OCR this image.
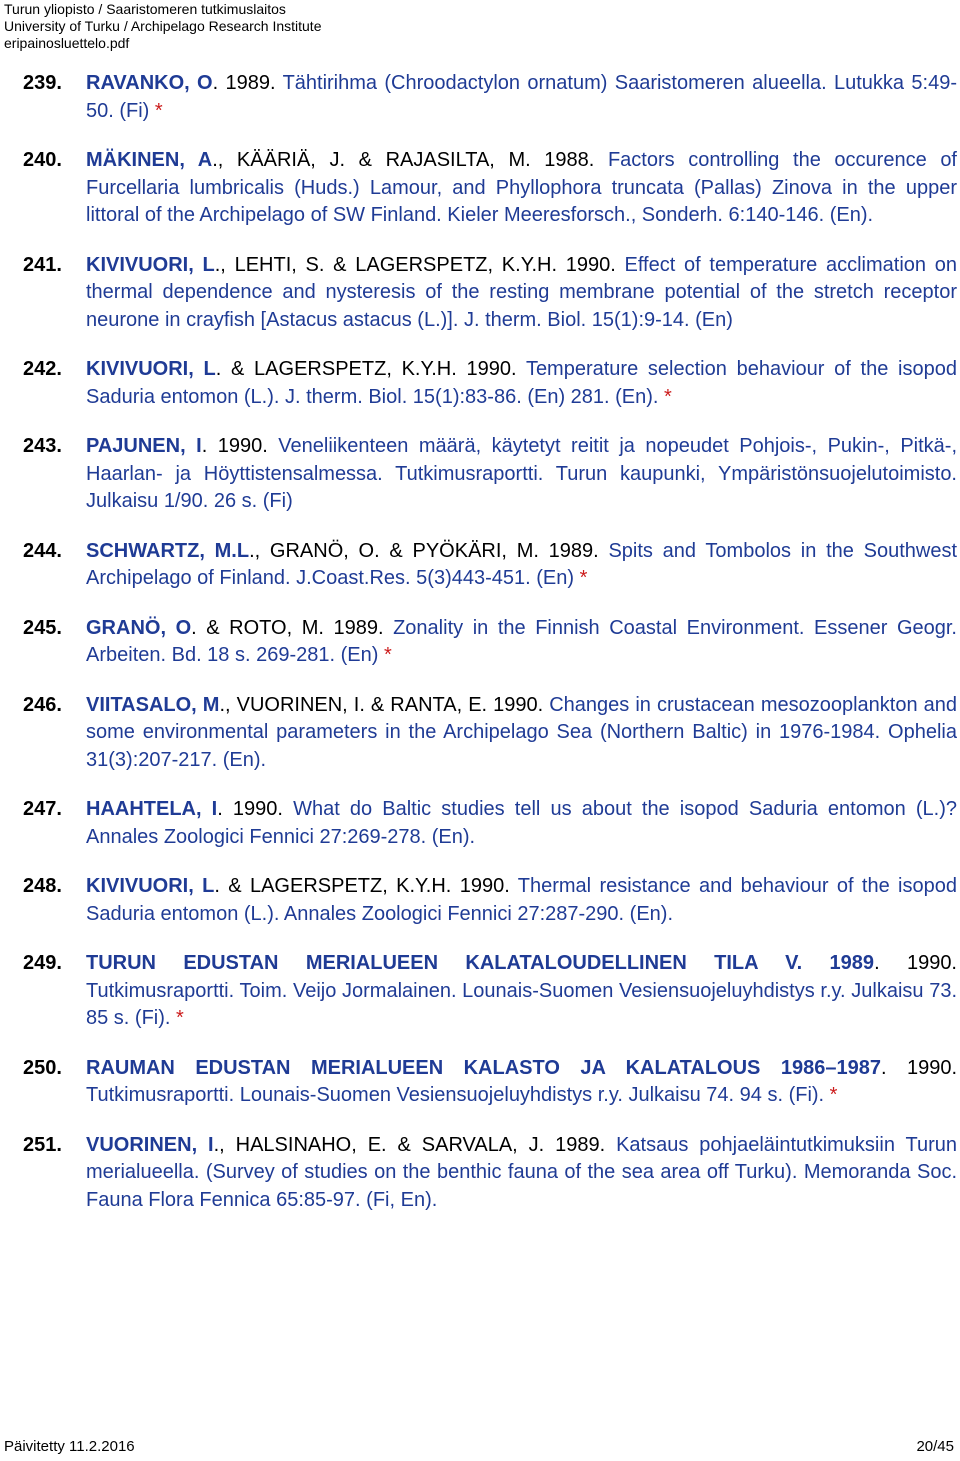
Turun yliopisto / Saaristomeren tutkimuslaitos
University of Turku / Archipelago Research Institute
eripainosluettelo.pdf
239.	RAVANKO, O. 1989. Tähtirihma (Chroodactylon ornatum) Saaristomeren alueella. Lutukka 5:49-50. (Fi) *
240.	MÄKINEN, A., KÄÄRIÄ, J. & RAJASILTA, M. 1988. Factors controlling the occurence of Furcellaria lumbricalis (Huds.) Lamour, and Phyllophora truncata (Pallas) Zinova in the upper littoral of the Archipelago of SW Finland. Kieler Meeresforsch., Sonderh. 6:140-146. (En).
241.	KIVIVUORI, L., LEHTI, S. & LAGERSPETZ, K.Y.H. 1990. Effect of temperature acclimation on thermal dependence and nysteresis of the resting membrane potential of the stretch receptor neurone in crayfish [Astacus astacus (L.)]. J. therm. Biol. 15(1):9-14. (En)
242.	KIVIVUORI, L. & LAGERSPETZ, K.Y.H. 1990. Temperature selection behaviour of the isopod Saduria entomon (L.). J. therm. Biol. 15(1):83-86. (En) 281. (En). *
243.	PAJUNEN, I. 1990. Veneliikenteen määrä, käytetyt reitit ja nopeudet Pohjois-, Pukin-, Pitkä-, Haarlan- ja Höyttistensalmessa. Tutkimusraportti. Turun kaupunki, Ympäristönsuojelutoimisto. Julkaisu 1/90. 26 s. (Fi)
244.	SCHWARTZ, M.L., GRANÖ, O. & PYÖKÄRI, M. 1989. Spits and Tombolos in the Southwest Archipelago of Finland. J.Coast.Res. 5(3)443-451. (En) *
245.	GRANÖ, O. & ROTO, M. 1989. Zonality in the Finnish Coastal Environment. Essener Geogr. Arbeiten. Bd. 18 s. 269-281. (En) *
246.	VIITASALO, M., VUORINEN, I. & RANTA, E. 1990. Changes in crustacean mesozooplankton and some environmental parameters in the Archipelago Sea (Northern Baltic) in 1976-1984. Ophelia 31(3):207-217. (En).
247.	HAAHTELA, I. 1990. What do Baltic studies tell us about the isopod Saduria entomon (L.)? Annales Zoologici Fennici 27:269-278. (En).
248.	KIVIVUORI, L. & LAGERSPETZ, K.Y.H. 1990. Thermal resistance and behaviour of the isopod Saduria entomon (L.). Annales Zoologici Fennici 27:287-290. (En).
249.	TURUN EDUSTAN MERIALUEEN KALATALOUDELLINEN TILA V. 1989. 1990. Tutkimusraportti. Toim. Veijo Jormalainen. Lounais-Suomen Vesiensuojeluyhdistys r.y. Julkaisu 73. 85 s. (Fi). *
250.	RAUMAN EDUSTAN MERIALUEEN KALASTO JA KALATALOUS 1986–1987. 1990. Tutkimusraportti. Lounais-Suomen Vesiensuojeluyhdistys r.y. Julkaisu 74. 94 s. (Fi). *
251.	VUORINEN, I., HALSINAHO, E. & SARVALA, J. 1989. Katsaus pohjaeläintutkimuksiin Turun merialueella. (Survey of studies on the benthic fauna of the sea area off Turku). Memoranda Soc. Fauna Flora Fennica 65:85-97. (Fi, En).
Päivitetty 11.2.2016	20/45
